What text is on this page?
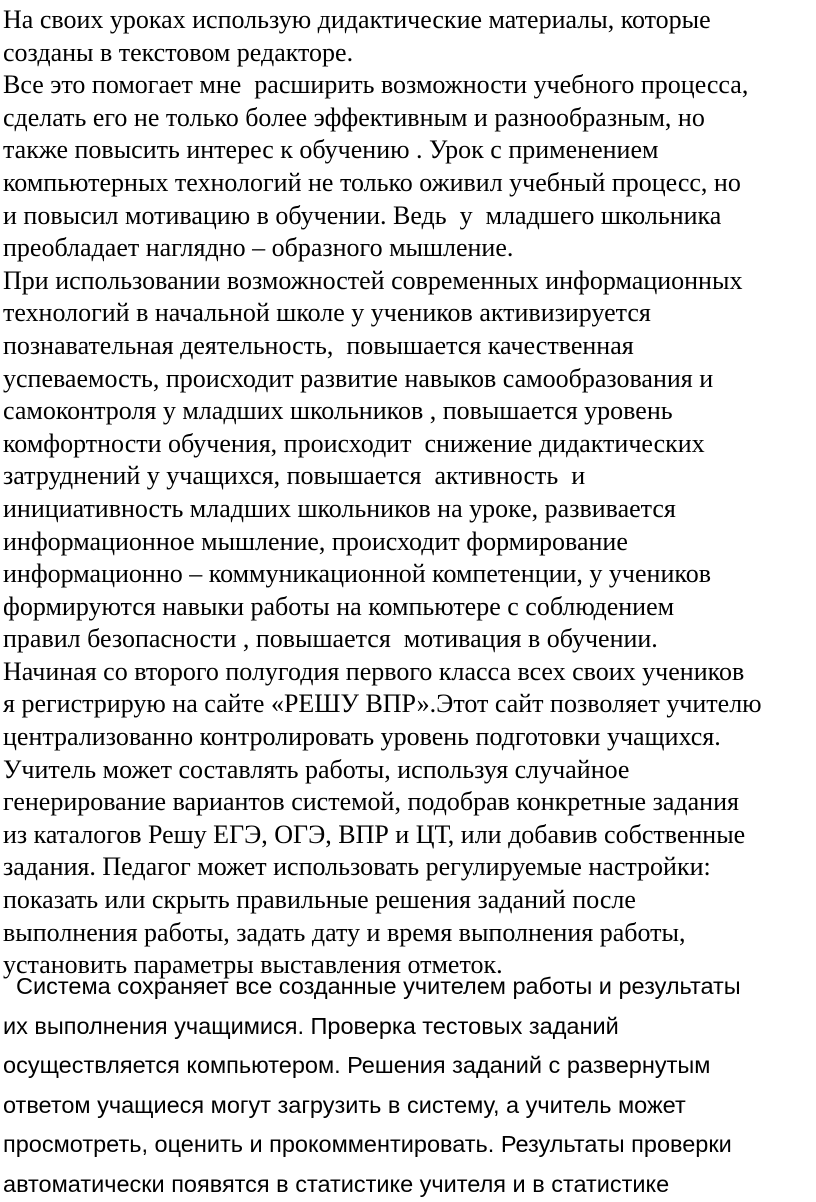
На своих уроках использую дидактические материалы, которые
созданы в текстовом редакторе.
Все это помогает мне  расширить возможности учебного процесса,
сделать его не только более эффективным и разнообразным, но
также повысить интерес к обучению . Урок с применением
компьютерных технологий не только оживил учебный процесс, но
и повысил мотивацию в обучении. Ведь  у  младшего школьника
преобладает наглядно – образного мышление.
При использовании возможностей современных информационных
технологий в начальной школе у учеников активизируется
познавательная деятельность,  повышается качественная
успеваемость, происходит развитие навыков самообразования и
самоконтроля у младших школьников , повышается уровень
комфортности обучения, происходит  снижение дидактических
затруднений у учащихся, повышается  активность  и
инициативность младших школьников на уроке, развивается
информационное мышление, происходит формирование
информационно – коммуникационной компетенции, у учеников
формируются навыки работы на компьютере с соблюдением
правил безопасности , повышается  мотивация в обучении.
Начиная со второго полугодия первого класса всех своих учеников
я регистрирую на сайте «РЕШУ ВПР».Этот сайт позволяет учителю
централизованно контролировать уровень подготовки учащихся.
Учитель может составлять работы, используя случайное
генерирование вариантов системой, подобрав конкретные задания
из каталогов Решу ЕГЭ, ОГЭ, ВПР и ЦТ, или добавив собственные
задания. Педагог может использовать регулируемые настройки:
показать или скрыть правильные решения заданий после
выполнения работы, задать дату и время выполнения работы,
установить параметры выставления отметок.
Система сохраняет все созданные учителем работы и результаты
их выполнения учащимися. Проверка тестовых заданий
осуществляется компьютером. Решения заданий с развернутым
ответом учащиеся могут загрузить в систему, а учитель может
просмотреть, оценить и прокомментировать. Результаты проверки
автоматически появятся в статистике учителя и в статистике
